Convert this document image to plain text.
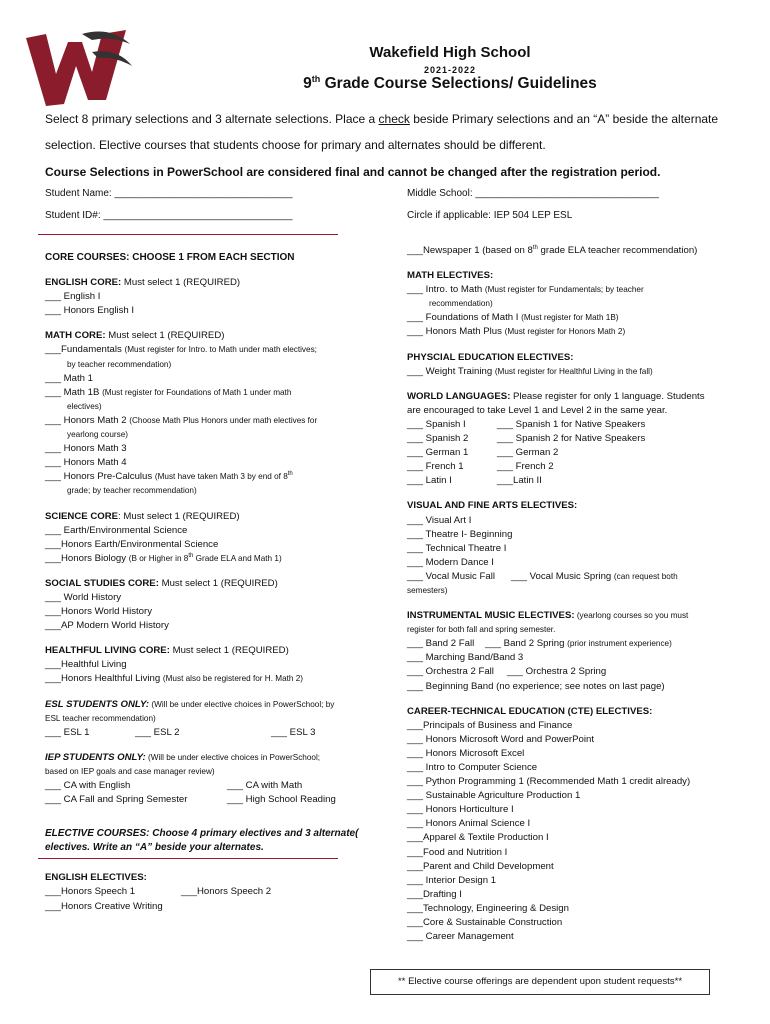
Wakefield High School
2021-2022
9th Grade Course Selections/ Guidelines
Select 8 primary selections and 3 alternate selections. Place a check beside Primary selections and an “A” beside the alternate
selection. Elective courses that students choose for primary and alternates should be different.
Course Selections in PowerSchool are considered final and cannot be changed after the registration period.
Student Name: ________________________________	Middle School: _________________________________
Student ID#: __________________________________	Circle if applicable: IEP 504 LEP ESL
CORE COURSES: CHOOSE 1 FROM EACH SECTION
ENGLISH CORE: Must select 1 (REQUIRED)
___ English I
___ Honors English I
MATH CORE: Must select 1 (REQUIRED)
___Fundamentals (Must register for Intro. to Math under math electives;
by teacher recommendation)
___ Math 1
___ Math 1B (Must register for Foundations of Math 1 under math
electives)
___ Honors Math 2 (Choose Math Plus Honors under math electives for
yearlong course)
___ Honors Math 3
___ Honors Math 4
___ Honors Pre-Calculus (Must have taken Math 3 by end of 8th
grade; by teacher recommendation)
SCIENCE CORE: Must select 1 (REQUIRED)
___ Earth/Environmental Science
___Honors Earth/Environmental Science
___Honors Biology (B or Higher in 8th Grade ELA and Math 1)
SOCIAL STUDIES CORE: Must select 1 (REQUIRED)
___ World History
___Honors World History
___AP Modern World History
HEALTHFUL LIVING CORE: Must select 1 (REQUIRED)
___Healthful Living
___Honors Healthful Living (Must also be registered for H. Math 2)
ESL STUDENTS ONLY: (Will be under elective choices in PowerSchool; by
ESL teacher recommendation)
___ ESL 1	___ ESL 2	___ ESL 3
IEP STUDENTS ONLY: (Will be under elective choices in PowerSchool;
based on IEP goals and case manager review)
___ CA with English	___ CA with Math
___ CA Fall and Spring Semester	___ High School Reading
ELECTIVE COURSES: Choose 4 primary electives and 3 alternate(
electives. Write an “A” beside your alternates.
ENGLISH ELECTIVES:
___Honors Speech 1	___Honors Speech 2
___Honors Creative Writing
___Newspaper 1 (based on 8th grade ELA teacher recommendation)
MATH ELECTIVES:
___ Intro. to Math (Must register for Fundamentals; by teacher
recommendation)
___ Foundations of Math I (Must register for Math 1B)
___ Honors Math Plus (Must register for Honors Math 2)
PHYSCIAL EDUCATION ELECTIVES:
___ Weight Training (Must register for Healthful Living in the fall)
WORLD LANGUAGES: Please register for only 1 language. Students
are encouraged to take Level 1 and Level 2 in the same year.
___ Spanish I	___ Spanish 1 for Native Speakers
___ Spanish 2	___ Spanish 2 for Native Speakers
___ German 1	___ German 2
___ French 1	___ French 2
___ Latin I	___Latin II
VISUAL AND FINE ARTS ELECTIVES:
___ Visual Art I
___ Theatre I- Beginning
___ Technical Theatre I
___ Modern Dance I
___ Vocal Music Fall ___ Vocal Music Spring (can request both
semesters)
INSTRUMENTAL MUSIC ELECTIVES: (yearlong courses so you must
register for both fall and spring semester.
___ Band 2 Fall ___ Band 2 Spring (prior instrument experience)
___ Marching Band/Band 3
___ Orchestra 2 Fall ___ Orchestra 2 Spring
___ Beginning Band (no experience; see notes on last page)
CAREER-TECHNICAL EDUCATION (CTE) ELECTIVES:
___Principals of Business and Finance
___ Honors Microsoft Word and PowerPoint
___ Honors Microsoft Excel
___ Intro to Computer Science
___ Python Programming 1 (Recommended Math 1 credit already)
___ Sustainable Agriculture Production 1
___ Honors Horticulture I
___ Honors Animal Science I
___Apparel & Textile Production I
___Food and Nutrition I
___Parent and Child Development
___ Interior Design 1
___Drafting I
___Technology, Engineering & Design
___Core & Sustainable Construction
___ Career Management
** Elective course offerings are dependent upon student requests**
